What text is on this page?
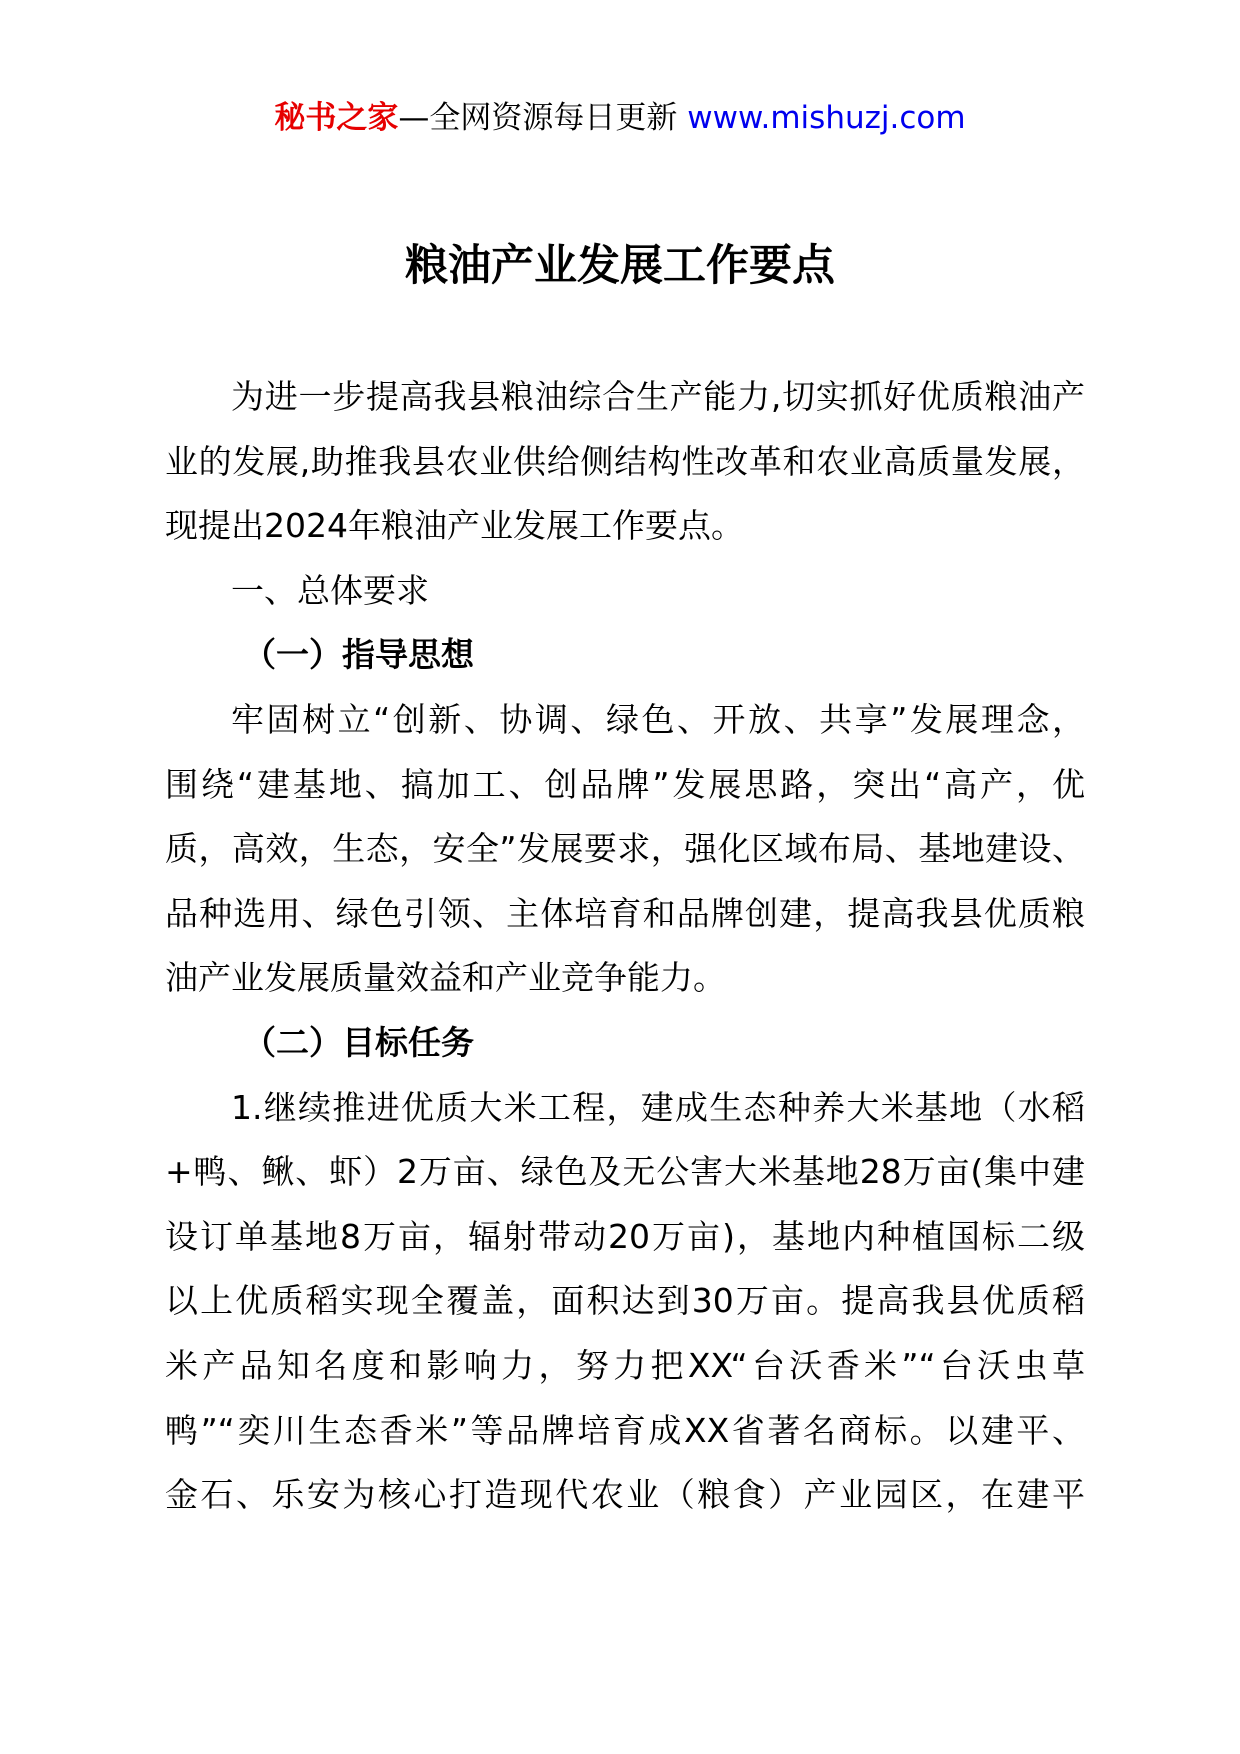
秘书之家—全网资源每日更新 www.mishuzj.com
粮油产业发展工作要点
为进一步提高我县粮油综合生产能力,切实抓好优质粮油产
业的发展,助推我县农业供给侧结构性改革和农业高质量发展，
现提出2024年粮油产业发展工作要点。
一、总体要求
（一）指导思想
牢固树立“创新、协调、绿色、开放、共享”发展理念，
围绕“建基地、搞加工、创品牌”发展思路，突出“高产，优
质，高效，生态，安全”发展要求，强化区域布局、基地建设、
品种选用、绿色引领、主体培育和品牌创建，提高我县优质粮
油产业发展质量效益和产业竞争能力。
（二）目标任务
1.继续推进优质大米工程，建成生态种养大米基地（水稻
+鸭、鳅、虾）2万亩、绿色及无公害大米基地28万亩(集中建
设订单基地8万亩，辐射带动20万亩)，基地内种植国标二级
以上优质稻实现全覆盖，面积达到30万亩。提高我县优质稻
米产品知名度和影响力，努力把XX“台沃香米”“台沃虫草
鸭”“奕川生态香米”等品牌培育成XX省著名商标。以建平、
金石、乐安为核心打造现代农业（粮食）产业园区，在建平
